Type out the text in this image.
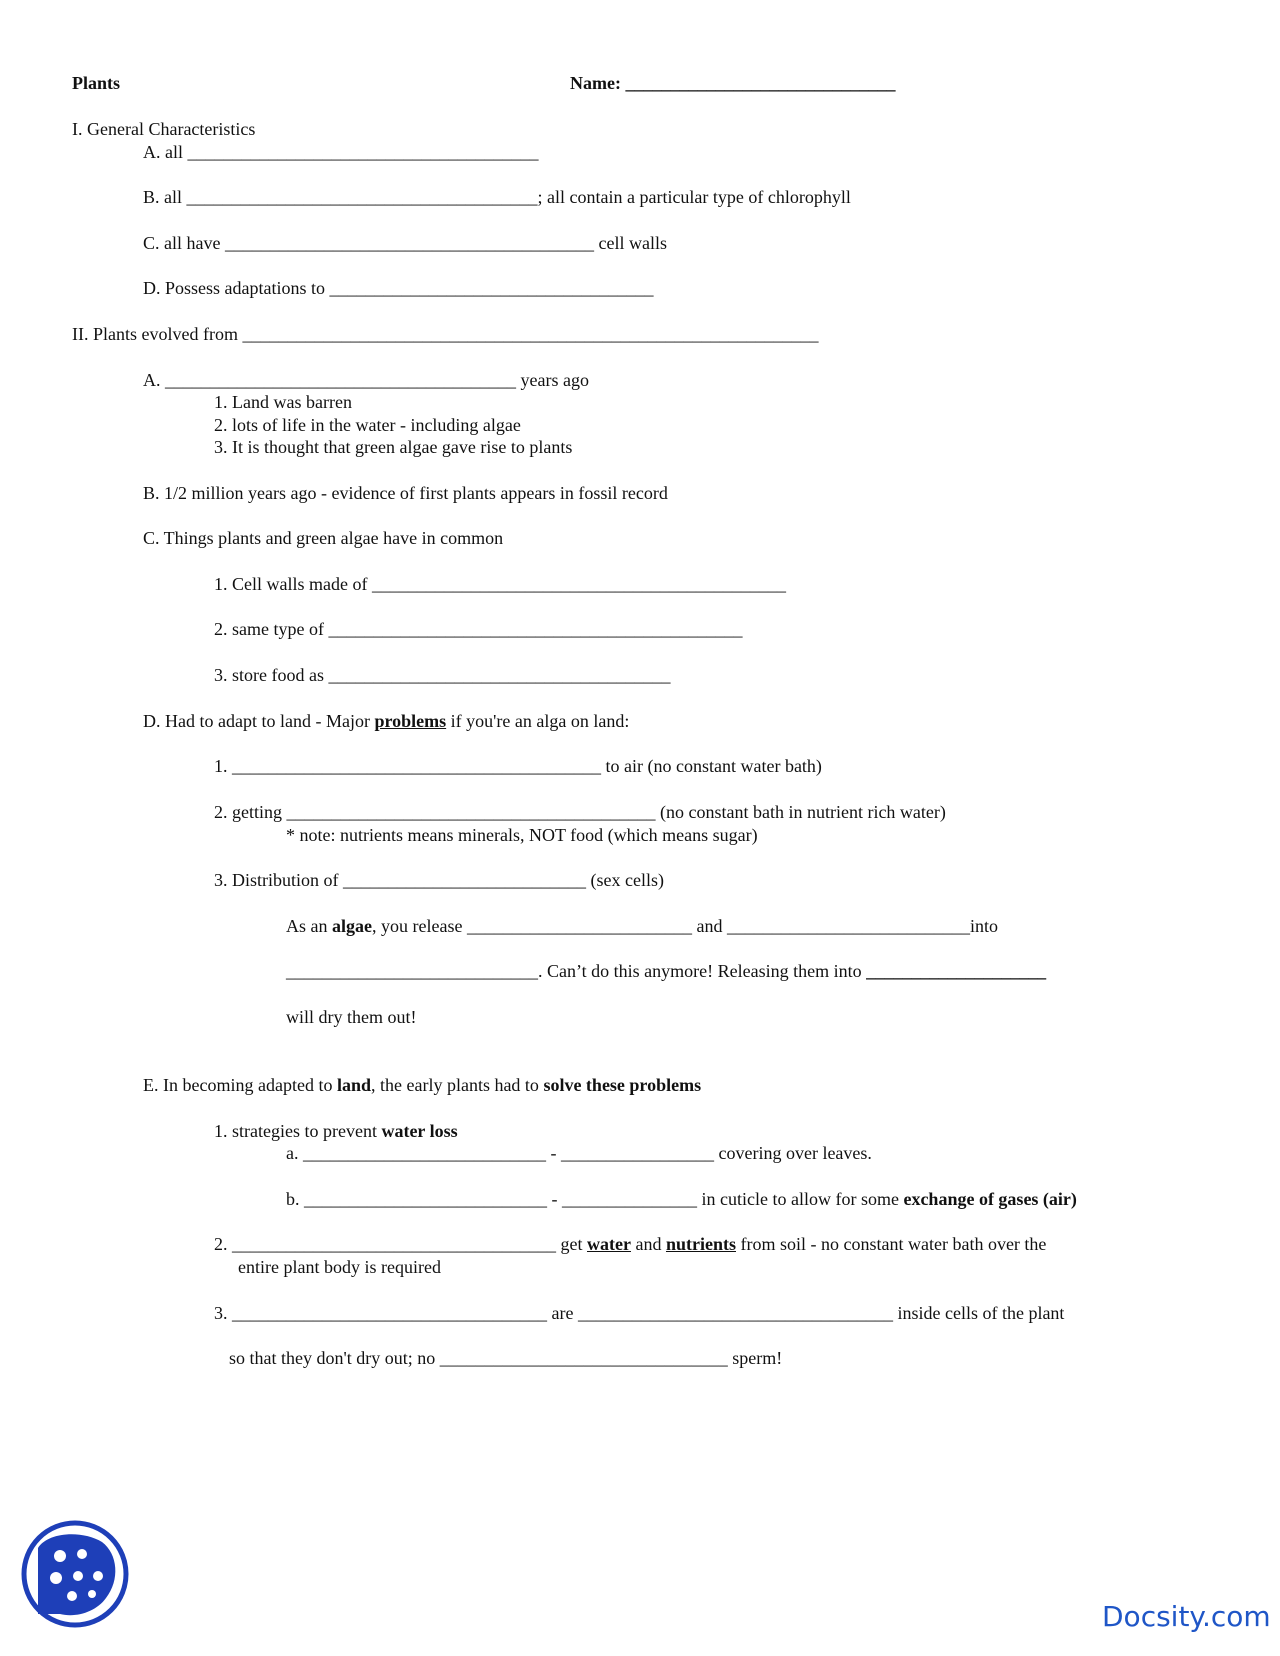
Plants	Name: ______________________________
I. General Characteristics
A. all _______________________________________
B. all _______________________________________; all contain a particular type of chlorophyll
C. all have _________________________________________ cell walls
D. Possess adaptations to ____________________________________
II. Plants evolved from ________________________________________________________________
A. _______________________________________ years ago
1. Land was barren
2. lots of life in the water - including algae
3. It is thought that green algae gave rise to plants
B. 1/2 million years ago - evidence of first plants appears in fossil record
C. Things plants and green algae have in common
1. Cell walls made of ______________________________________________
2. same type of ______________________________________________
3. store food as ______________________________________
D. Had to adapt to land - Major problems if you're an alga on land:
1. _________________________________________ to air (no constant water bath)
2. getting _________________________________________ (no constant bath in nutrient rich water)
* note: nutrients means minerals, NOT food (which means sugar)
3. Distribution of ___________________________ (sex cells)
As an algae, you release _________________________ and ___________________________into
____________________________. Can’t do this anymore! Releasing them into ____________________
will dry them out!
E. In becoming adapted to land, the early plants had to solve these problems
1. strategies to prevent water loss
a. ___________________________ - _________________ covering over leaves.
b. ___________________________ - _______________ in cuticle to allow for some exchange of gases (air)
2. ____________________________________ get water and nutrients from soil - no constant water bath over the
entire plant body is required
3. ___________________________________ are ___________________________________ inside cells of the plant
so that they don't dry out; no ________________________________ sperm!
Docsity.com
